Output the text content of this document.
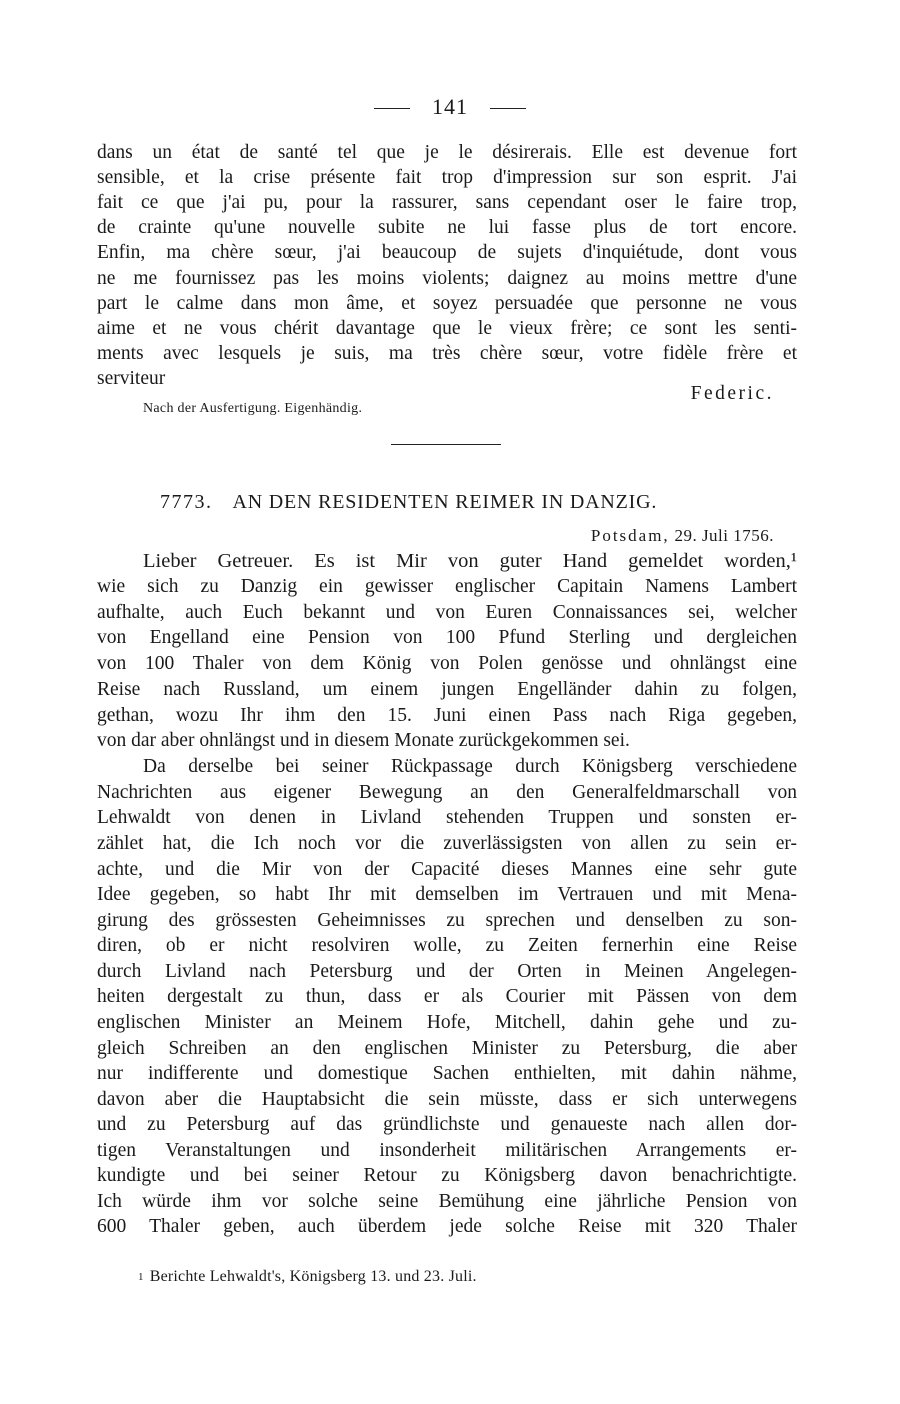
141
dans un état de santé tel que je le désirerais. Elle est devenue fort
sensible, et la crise présente fait trop d'impression sur son esprit. J'ai
fait ce que j'ai pu, pour la rassurer, sans cependant oser le faire trop,
de crainte qu'une nouvelle subite ne lui fasse plus de tort encore.
Enfin, ma chère sœur, j'ai beaucoup de sujets d'inquiétude, dont vous
ne me fournissez pas les moins violents; daignez au moins mettre d'une
part le calme dans mon âme, et soyez persuadée que personne ne vous
aime et ne vous chérit davantage que le vieux frère; ce sont les senti-
ments avec lesquels je suis, ma très chère sœur, votre fidèle frère et
serviteur
Federic.
Nach der Ausfertigung. Eigenhändig.
7773. AN DEN RESIDENTEN REIMER IN DANZIG.
Potsdam, 29. Juli 1756.
Lieber Getreuer. Es ist Mir von guter Hand gemeldet worden,¹
wie sich zu Danzig ein gewisser englischer Capitain Namens Lambert
aufhalte, auch Euch bekannt und von Euren Connaissances sei, welcher
von Engelland eine Pension von 100 Pfund Sterling und dergleichen
von 100 Thaler von dem König von Polen genösse und ohnlängst eine
Reise nach Russland, um einem jungen Engelländer dahin zu folgen,
gethan, wozu Ihr ihm den 15. Juni einen Pass nach Riga gegeben,
von dar aber ohnlängst und in diesem Monate zurückgekommen sei.
Da derselbe bei seiner Rückpassage durch Königsberg verschiedene
Nachrichten aus eigener Bewegung an den Generalfeldmarschall von
Lehwaldt von denen in Livland stehenden Truppen und sonsten er-
zählet hat, die Ich noch vor die zuverlässigsten von allen zu sein er-
achte, und die Mir von der Capacité dieses Mannes eine sehr gute
Idee gegeben, so habt Ihr mit demselben im Vertrauen und mit Mena-
girung des grössesten Geheimnisses zu sprechen und denselben zu son-
diren, ob er nicht resolviren wolle, zu Zeiten fernerhin eine Reise
durch Livland nach Petersburg und der Orten in Meinen Angelegen-
heiten dergestalt zu thun, dass er als Courier mit Pässen von dem
englischen Minister an Meinem Hofe, Mitchell, dahin gehe und zu-
gleich Schreiben an den englischen Minister zu Petersburg, die aber
nur indifferente und domestique Sachen enthielten, mit dahin nähme,
davon aber die Hauptabsicht die sein müsste, dass er sich unterwegens
und zu Petersburg auf das gründlichste und genaueste nach allen dor-
tigen Veranstaltungen und insonderheit militärischen Arrangements er-
kundigte und bei seiner Retour zu Königsberg davon benachrichtigte.
Ich würde ihm vor solche seine Bemühung eine jährliche Pension von
600 Thaler geben, auch überdem jede solche Reise mit 320 Thaler
$^1$ Berichte Lehwaldt's, Königsberg 13. und 23. Juli.
